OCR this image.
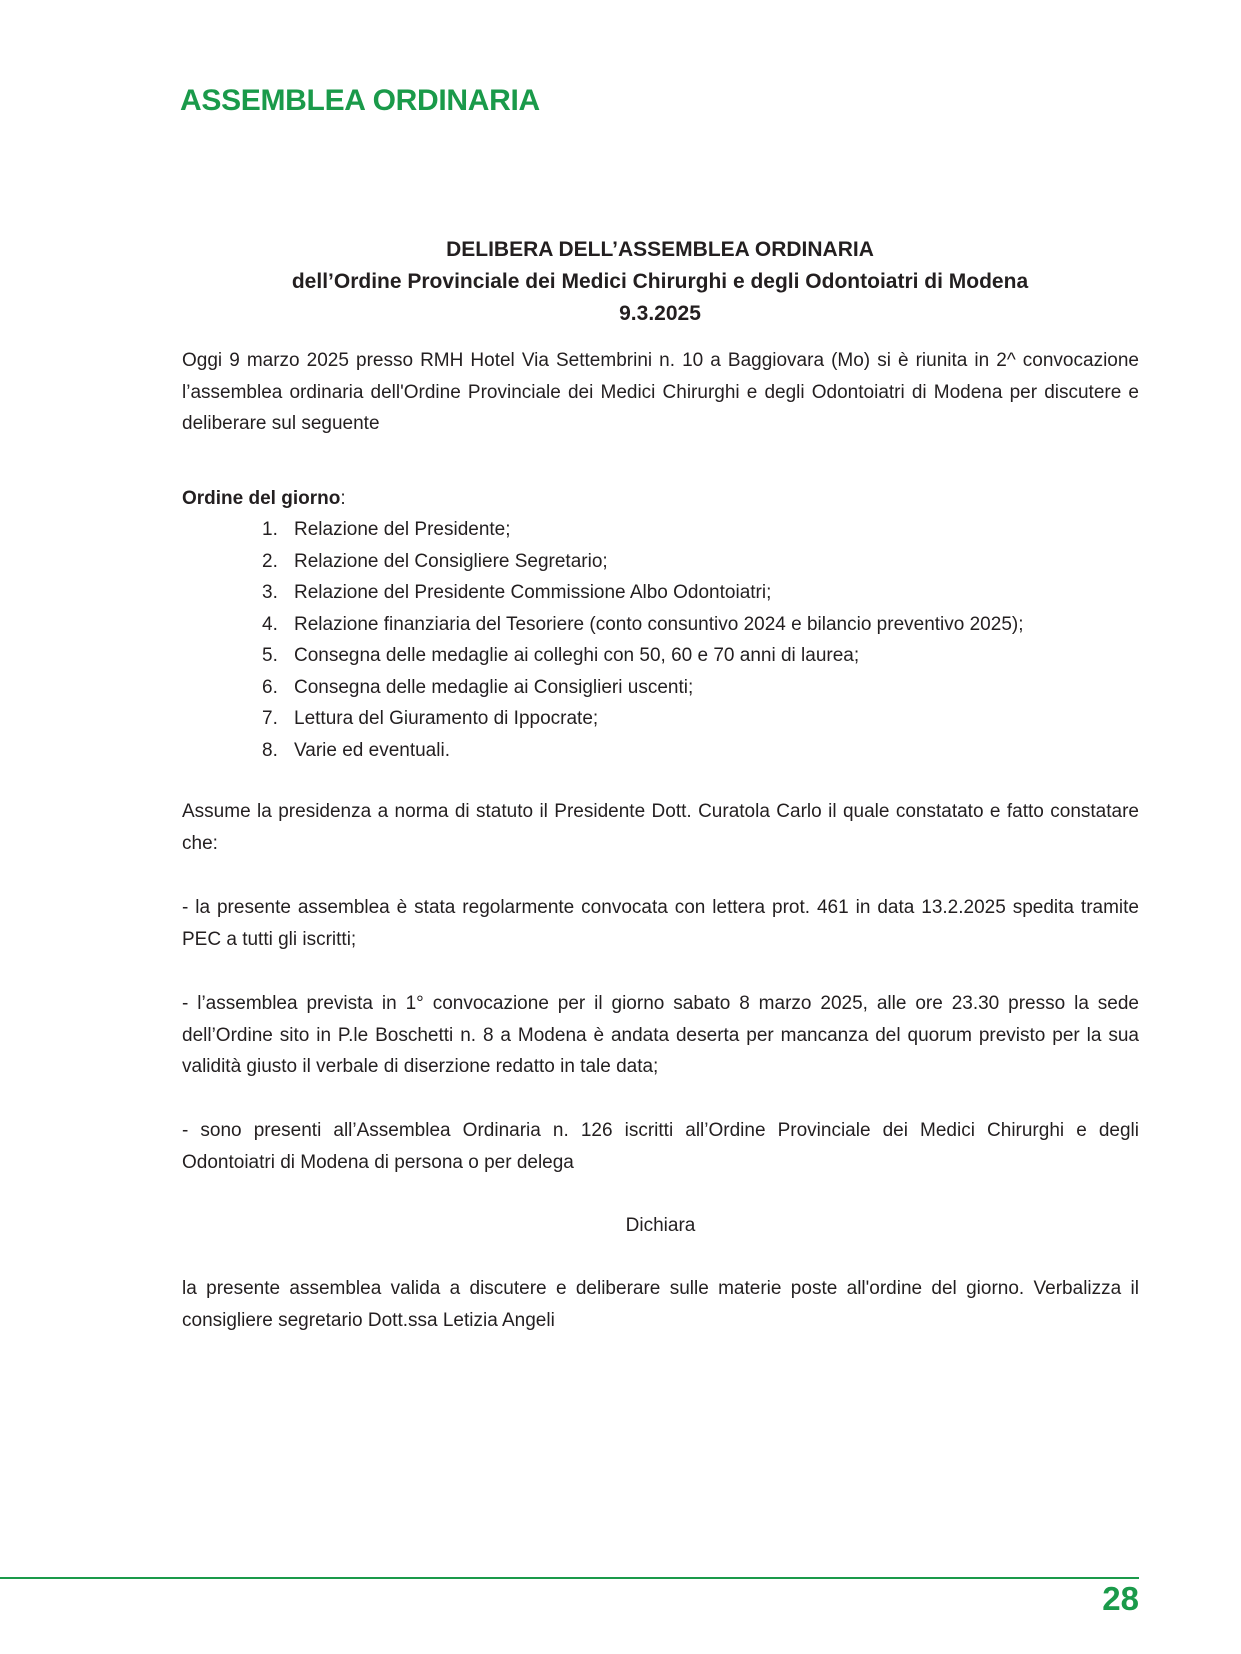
ASSEMBLEA ORDINARIA
DELIBERA DELL’ASSEMBLEA ORDINARIA
dell’Ordine Provinciale dei Medici Chirurghi e degli Odontoiatri di Modena
9.3.2025

Oggi 9 marzo 2025 presso RMH Hotel Via Settembrini n. 10 a Baggiovara (Mo) si è riunita in 2^ convocazione l’assemblea ordinaria dell'Ordine Provinciale dei Medici Chirurghi e degli Odontoiatri di Modena per discutere e deliberare sul seguente

Ordine del giorno:
1. Relazione del Presidente;
2. Relazione del Consigliere Segretario;
3. Relazione del Presidente Commissione Albo Odontoiatri;
4. Relazione finanziaria del Tesoriere (conto consuntivo 2024 e bilancio preventivo 2025);
5. Consegna delle medaglie ai colleghi con 50, 60 e 70 anni di laurea;
6. Consegna delle medaglie ai Consiglieri uscenti;
7. Lettura del Giuramento di Ippocrate;
8. Varie ed eventuali.

Assume la presidenza a norma di statuto il Presidente Dott. Curatola Carlo il quale constatato e fatto constatare che:

- la presente assemblea è stata regolarmente convocata con lettera prot. 461 in data 13.2.2025 spedita tramite PEC a tutti gli iscritti;

- l’assemblea prevista in 1° convocazione per il giorno sabato 8 marzo 2025, alle ore 23.30 presso la sede dell’Ordine sito in P.le Boschetti n. 8 a Modena è andata deserta per mancanza del quorum previsto per la sua validità giusto il verbale di diserzione redatto in tale data;

- sono presenti all’Assemblea Ordinaria n. 126 iscritti all’Ordine Provinciale dei Medici Chirurghi e degli Odontoiatri di Modena di persona o per delega

Dichiara

la presente assemblea valida a discutere e deliberare sulle materie poste all'ordine del giorno. Verbalizza il consigliere segretario Dott.ssa Letizia Angeli

28
